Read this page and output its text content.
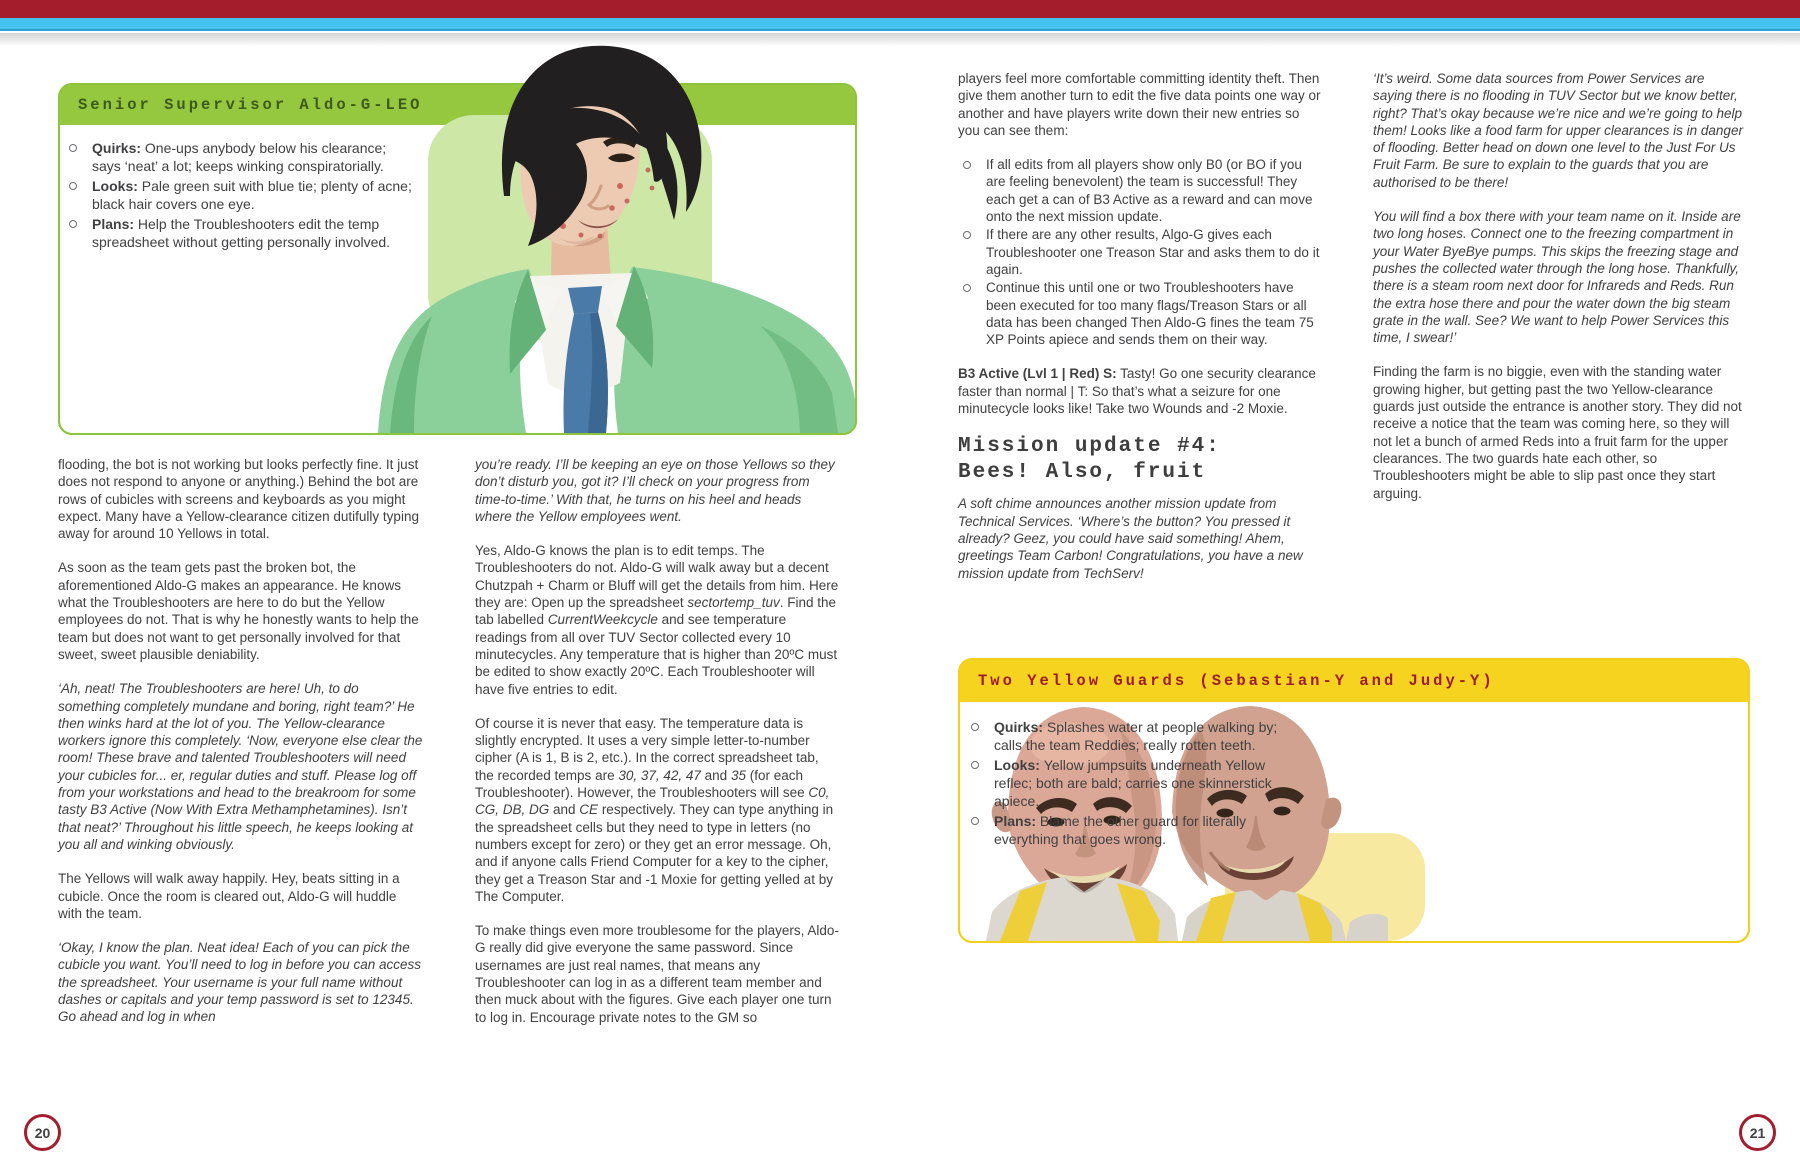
Senior Supervisor Aldo-G-LEO
Quirks: One-ups anybody below his clearance; says ‘neat’ a lot; keeps winking conspiratorially.
Looks: Pale green suit with blue tie; plenty of acne; black hair covers one eye.
Plans: Help the Troubleshooters edit the temp spreadsheet without getting personally involved.

flooding, the bot is not working but looks perfectly fine. It just does not respond to anyone or anything.) Behind the bot are rows of cubicles with screens and keyboards as you might expect. Many have a Yellow-clearance citizen dutifully typing away for around 10 Yellows in total.

As soon as the team gets past the broken bot, the aforementioned Aldo-G makes an appearance. He knows what the Troubleshooters are here to do but the Yellow employees do not. That is why he honestly wants to help the team but does not want to get personally involved for that sweet, sweet plausible deniability.

‘Ah, neat! The Troubleshooters are here! Uh, to do something completely mundane and boring, right team?’ He then winks hard at the lot of you. The Yellow-clearance workers ignore this completely. ‘Now, everyone else clear the room! These brave and talented Troubleshooters will need your cubicles for... er, regular duties and stuff. Please log off from your workstations and head to the breakroom for some tasty B3 Active (Now With Extra Methamphetamines). Isn’t that neat?’ Throughout his little speech, he keeps looking at you all and winking obviously.

The Yellows will walk away happily. Hey, beats sitting in a cubicle. Once the room is cleared out, Aldo-G will huddle with the team.

‘Okay, I know the plan. Neat idea! Each of you can pick the cubicle you want. You’ll need to log in before you can access the spreadsheet. Your username is your full name without dashes or capitals and your temp password is set to 12345. Go ahead and log in when

you’re ready. I’ll be keeping an eye on those Yellows so they don’t disturb you, got it? I’ll check on your progress from time-to-time.’ With that, he turns on his heel and heads where the Yellow employees went.

Yes, Aldo-G knows the plan is to edit temps. The Troubleshooters do not. Aldo-G will walk away but a decent Chutzpah + Charm or Bluff will get the details from him. Here they are: Open up the spreadsheet sectortemp_tuv. Find the tab labelled CurrentWeekcycle and see temperature readings from all over TUV Sector collected every 10 minutecycles. Any temperature that is higher than 20ºC must be edited to show exactly 20ºC. Each Troubleshooter will have five entries to edit.

Of course it is never that easy. The temperature data is slightly encrypted. It uses a very simple letter-to-number cipher (A is 1, B is 2, etc.). In the correct spreadsheet tab, the recorded temps are 30, 37, 42, 47 and 35 (for each Troubleshooter). However, the Troubleshooters will see C0, CG, DB, DG and CE respectively. They can type anything in the spreadsheet cells but they need to type in letters (no numbers except for zero) or they get an error message. Oh, and if anyone calls Friend Computer for a key to the cipher, they get a Treason Star and -1 Moxie for getting yelled at by The Computer.

To make things even more troublesome for the players, Aldo-G really did give everyone the same password. Since usernames are just real names, that means any Troubleshooter can log in as a different team member and then muck about with the figures. Give each player one turn to log in. Encourage private notes to the GM so

players feel more comfortable committing identity theft. Then give them another turn to edit the five data points one way or another and have players write down their new entries so you can see them:
If all edits from all players show only B0 (or BO if you are feeling benevolent) the team is successful! They each get a can of B3 Active as a reward and can move onto the next mission update.
If there are any other results, Algo-G gives each Troubleshooter one Treason Star and asks them to do it again.
Continue this until one or two Troubleshooters have been executed for too many flags/Treason Stars or all data has been changed Then Aldo-G fines the team 75 XP Points apiece and sends them on their way.
B3 Active (Lvl 1 | Red) S: Tasty! Go one security clearance faster than normal | T: So that’s what a seizure for one minutecycle looks like! Take two Wounds and -2 Moxie.
Mission update #4:
Bees! Also, fruit
A soft chime announces another mission update from Technical Services. ‘Where’s the button? You pressed it already? Geez, you could have said something! Ahem, greetings Team Carbon! Congratulations, you have a new mission update from TechServ!

‘It’s weird. Some data sources from Power Services are saying there is no flooding in TUV Sector but we know better, right? That’s okay because we’re nice and we’re going to help them! Looks like a food farm for upper clearances is in danger of flooding. Better head on down one level to the Just For Us Fruit Farm. Be sure to explain to the guards that you are authorised to be there!

You will find a box there with your team name on it. Inside are two long hoses. Connect one to the freezing compartment in your Water ByeBye pumps. This skips the freezing stage and pushes the collected water through the long hose. Thankfully, there is a steam room next door for Infrareds and Reds. Run the extra hose there and pour the water down the big steam grate in the wall. See? We want to help Power Services this time, I swear!’

Finding the farm is no biggie, even with the standing water growing higher, but getting past the two Yellow-clearance guards just outside the entrance is another story. They did not receive a notice that the team was coming here, so they will not let a bunch of armed Reds into a fruit farm for the upper clearances. The two guards hate each other, so Troubleshooters might be able to slip past once they start arguing.

Two Yellow Guards (Sebastian-Y and Judy-Y)
Quirks: Splashes water at people walking by; calls the team Reddies; really rotten teeth.
Looks: Yellow jumpsuits underneath Yellow reflec; both are bald; carries one skinnerstick apiece.
Plans: Blame the other guard for literally everything that goes wrong.
20	21
